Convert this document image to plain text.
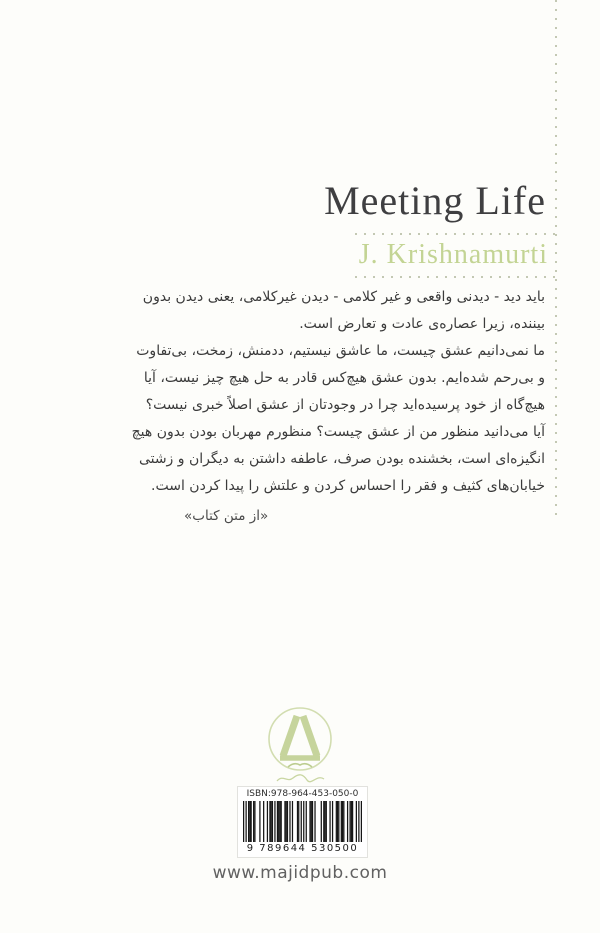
Meeting Life
J. Krishnamurti
باید دید - دیدنی واقعی و غیر کلامی - دیدن غیرکلامی، یعنی دیدن بدون
بیننده، زیرا عصاره‌ی عادت و تعارض است.
ما نمی‌دانیم عشق چیست، ما عاشق نیستیم، ددمنش، زمخت، بی‌تفاوت
و بی‌رحم شده‌ایم. بدون عشق هیچ‌کس قادر به حل هیچ چیز نیست، آیا
هیچ‌گاه از خود پرسیده‌اید چرا در وجودتان از عشق اصلاً خبری نیست؟
آیا می‌دانید منظور من از عشق چیست؟ منظورم مهربان بودن بدون هیچ
انگیزه‌ای است، بخشنده بودن صرف، عاطفه داشتن به دیگران و زشتی
خیابان‌های کثیف و فقر را احساس کردن و علتش را پیدا کردن است.
«از متن کتاب»
ISBN:978-964-453-050-0
9 789644 530500
www.majidpub.com
